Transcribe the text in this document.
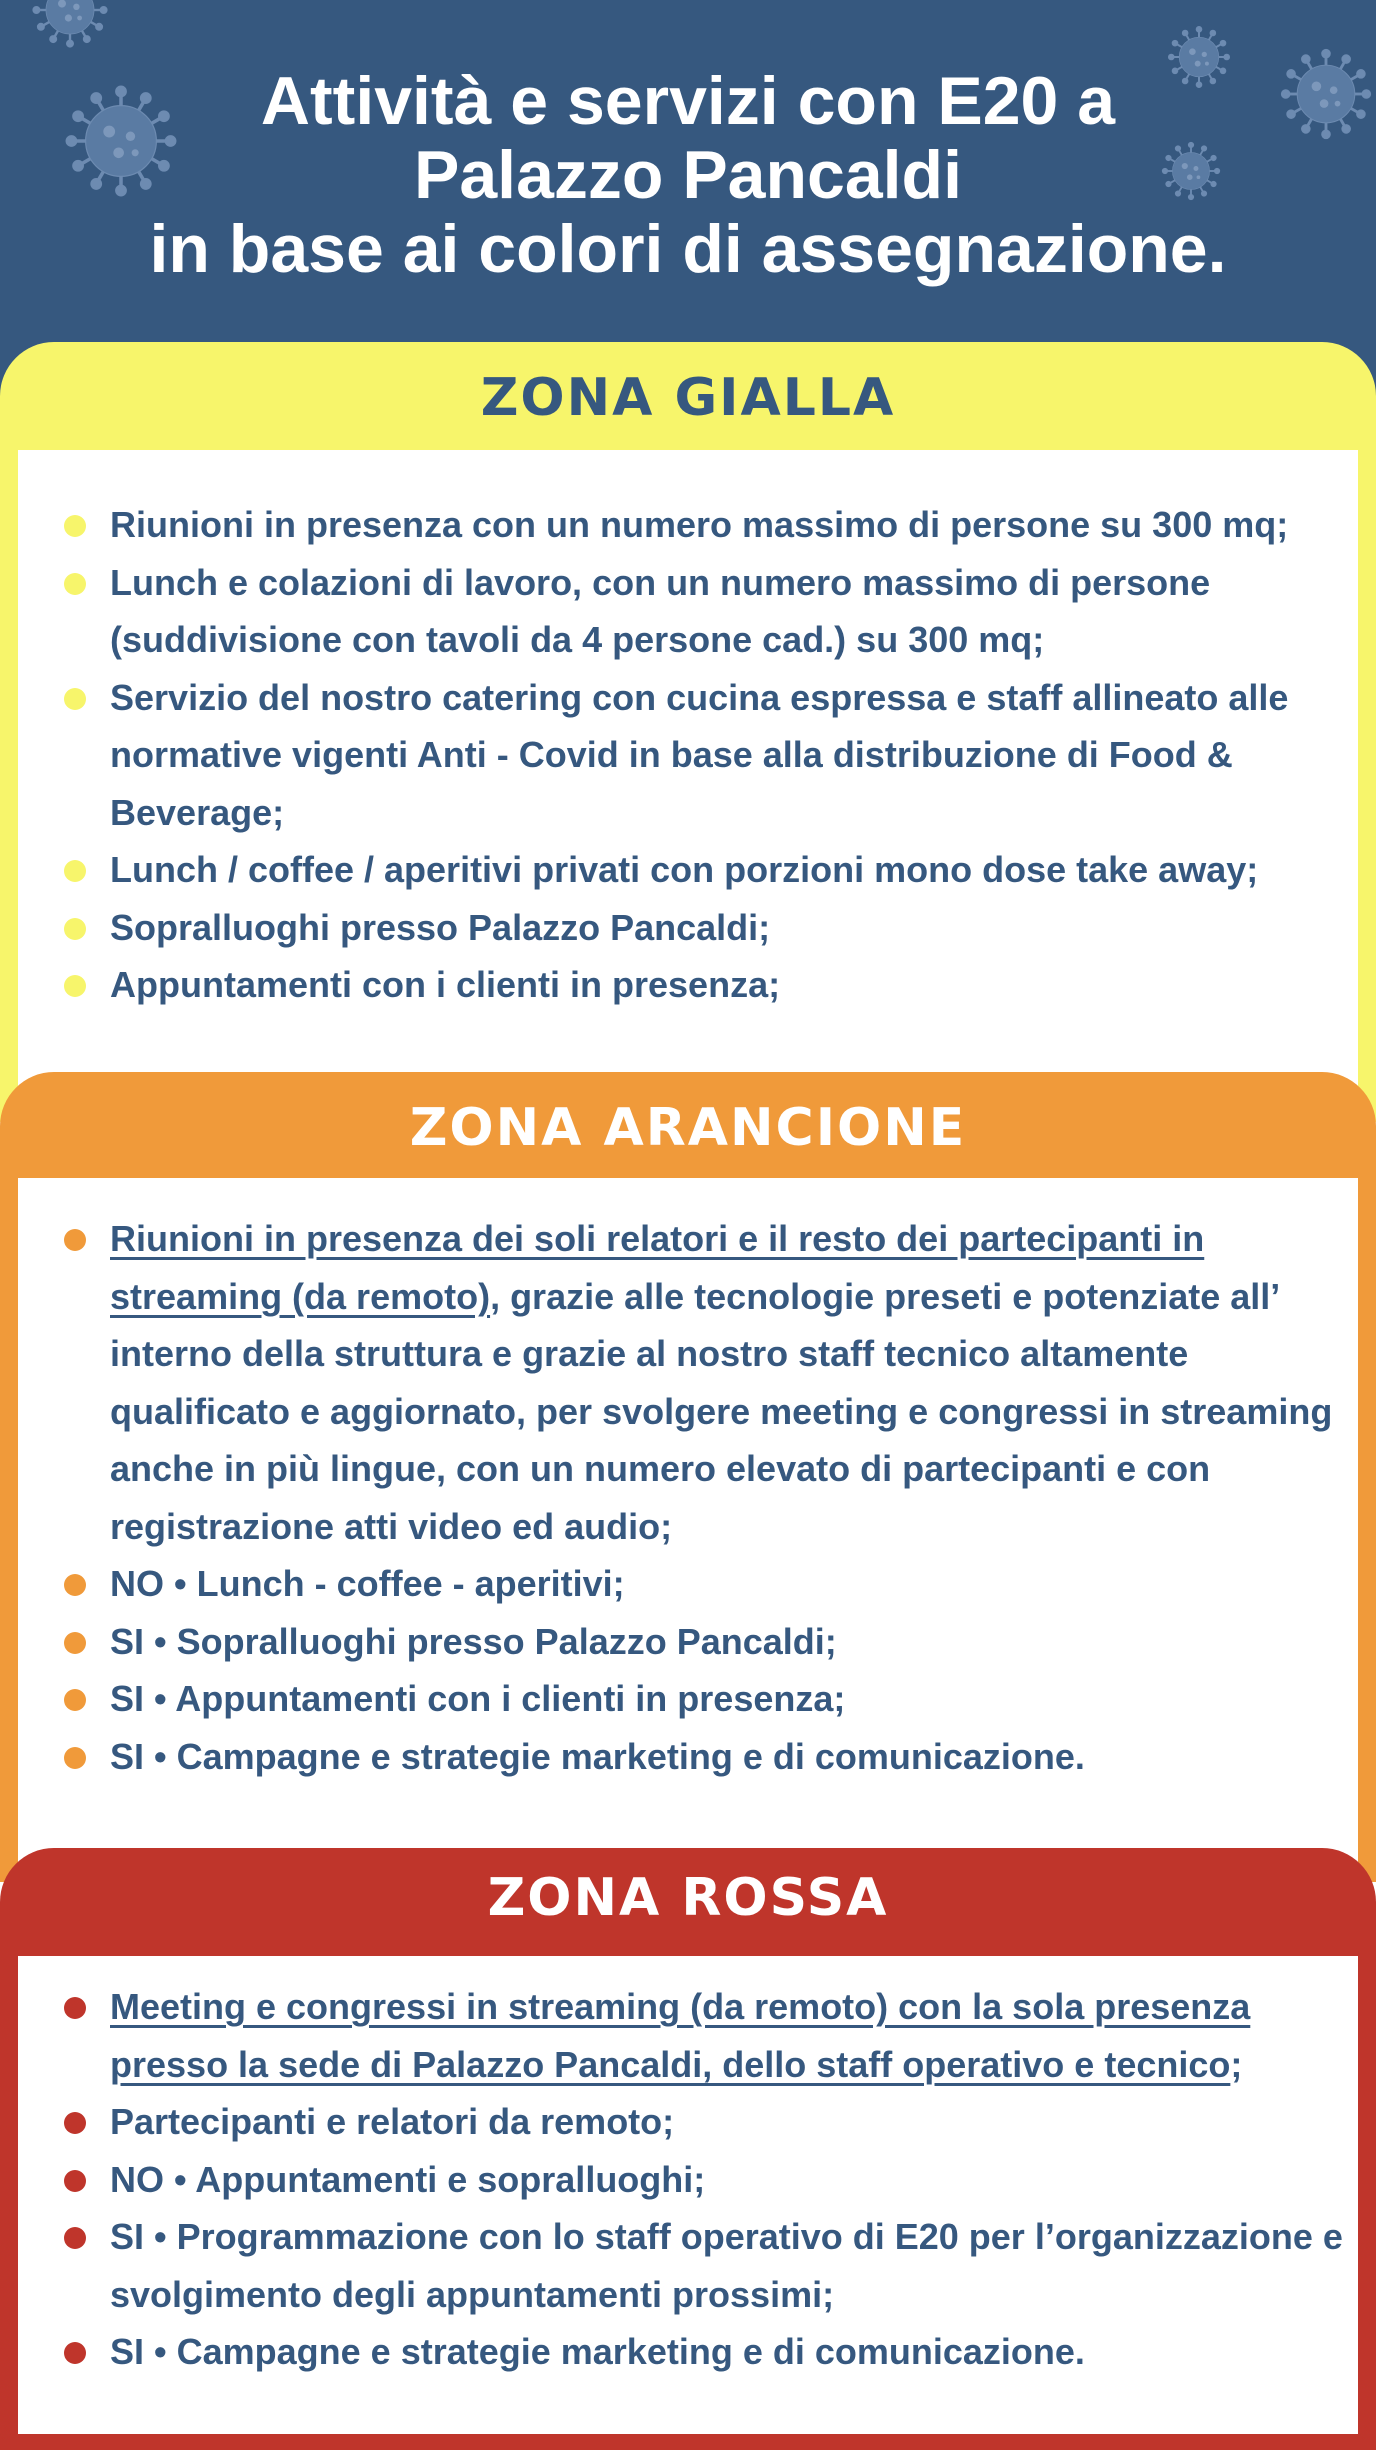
Attività e servizi con E20 a
Palazzo Pancaldi
in base ai colori di assegnazione.
ZONA GIALLA
Riunioni in presenza con un numero massimo di persone su 300 mq;
Lunch e colazioni di lavoro, con un numero massimo di persone (suddivisione con tavoli da 4 persone cad.) su 300 mq;
Servizio del nostro catering con cucina espressa e staff allineato alle normative vigenti Anti - Covid in base alla distribuzione di Food & Beverage;
Lunch / coffee / aperitivi privati con porzioni mono dose take away;
Sopralluoghi presso Palazzo Pancaldi;
Appuntamenti con i clienti in presenza;
ZONA ARANCIONE
Riunioni in presenza dei soli relatori e il resto dei partecipanti in streaming (da remoto), grazie alle tecnologie preseti e potenziate all’ interno della struttura e grazie al nostro staff tecnico altamente qualificato e aggiornato, per svolgere meeting e congressi in streaming anche in più lingue, con un numero elevato di partecipanti e con registrazione atti video ed audio;
NO • Lunch - coffee - aperitivi;
SI • Sopralluoghi presso Palazzo Pancaldi;
SI • Appuntamenti con i clienti in presenza;
SI • Campagne e strategie marketing e di comunicazione.
ZONA ROSSA
Meeting e congressi in streaming (da remoto) con la sola presenza presso la sede di Palazzo Pancaldi, dello staff operativo e tecnico;
Partecipanti e relatori da remoto;
NO • Appuntamenti e sopralluoghi;
SI • Programmazione con lo staff operativo di E20 per l’organizzazione e svolgimento degli appuntamenti prossimi;
SI • Campagne e strategie marketing e di comunicazione.
